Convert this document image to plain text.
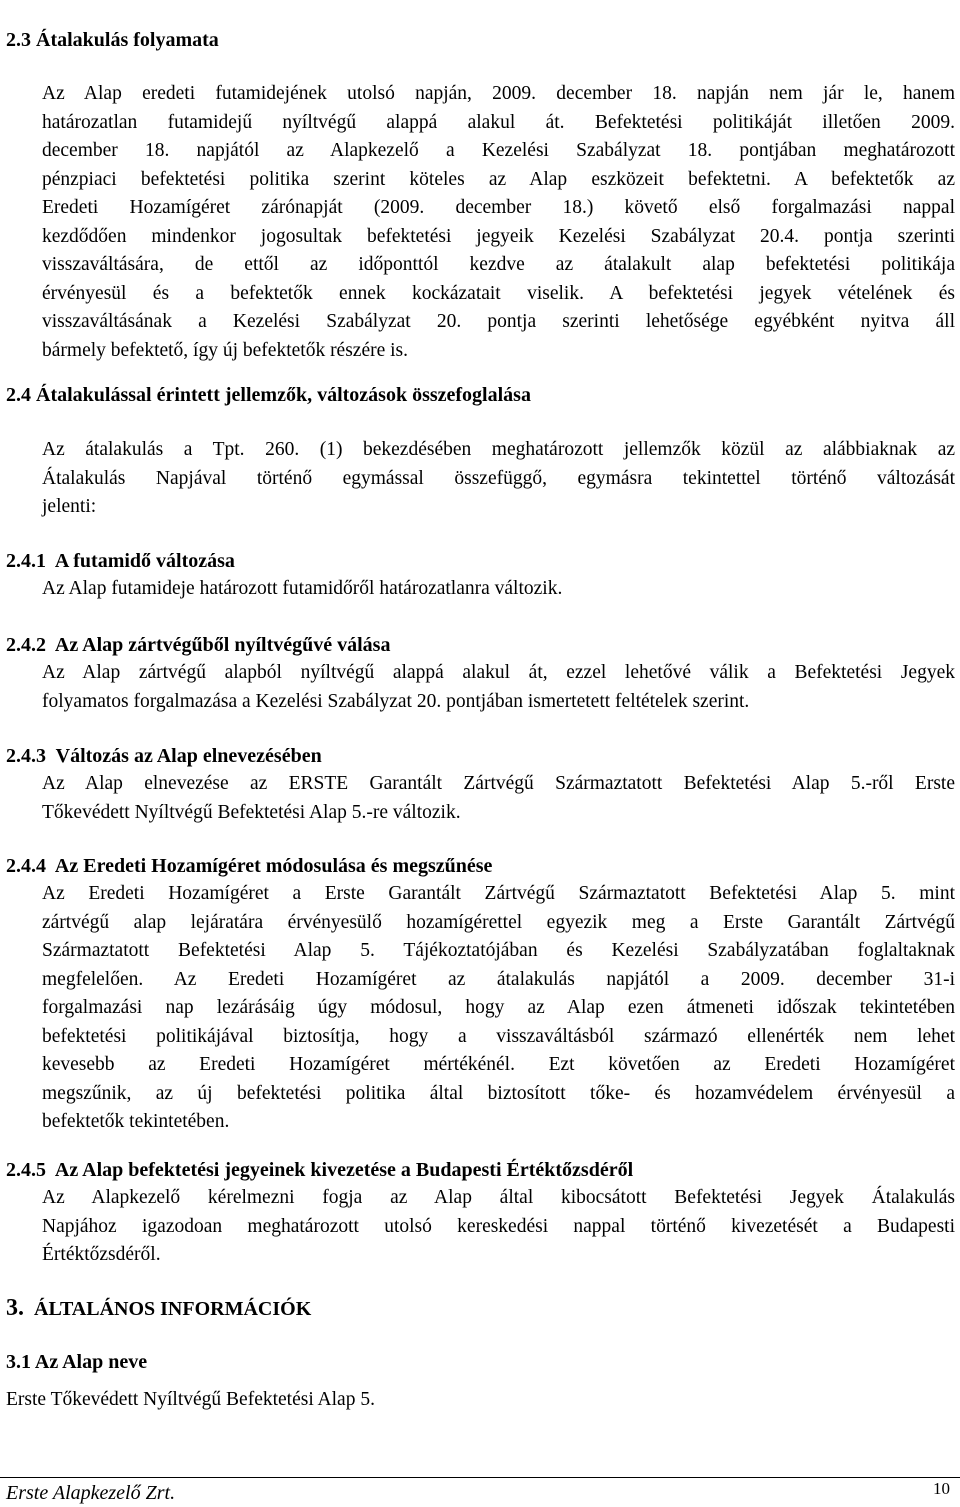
2.3 Átalakulás folyamata
Az Alap eredeti futamidejének utolsó napján, 2009. december 18. napján nem jár le, hanem
határozatlan futamidejű nyíltvégű alappá alakul át. Befektetési politikáját illetően 2009.
december 18. napjától az Alapkezelő a Kezelési Szabályzat 18. pontjában meghatározott
pénzpiaci befektetési politika szerint köteles az Alap eszközeit befektetni. A befektetők az
Eredeti Hozamígéret zárónapját (2009. december 18.) követő első forgalmazási nappal
kezdődően mindenkor jogosultak befektetési jegyeik Kezelési Szabályzat 20.4. pontja szerinti
visszaváltására, de ettől az időponttól kezdve az átalakult alap befektetési politikája
érvényesül és a befektetők ennek kockázatait viselik. A befektetési jegyek vételének és
visszaváltásának a Kezelési Szabályzat 20. pontja szerinti lehetősége egyébként nyitva áll
bármely befektető, így új befektetők részére is.
2.4 Átalakulással érintett jellemzők, változások összefoglalása
Az átalakulás a Tpt. 260. (1) bekezdésében meghatározott jellemzők közül az alábbiaknak az
Átalakulás Napjával történő egymással összefüggő, egymásra tekintettel történő változását
jelenti:
2.4.1 A futamidő változása
Az Alap futamideje határozott futamidőről határozatlanra változik.
2.4.2 Az Alap zártvégűből nyíltvégűvé válása
Az Alap zártvégű alapból nyíltvégű alappá alakul át, ezzel lehetővé válik a Befektetési Jegyek
folyamatos forgalmazása a Kezelési Szabályzat 20. pontjában ismertetett feltételek szerint.
2.4.3 Változás az Alap elnevezésében
Az Alap elnevezése az ERSTE Garantált Zártvégű Származtatott Befektetési Alap 5.-ről Erste
Tőkevédett Nyíltvégű Befektetési Alap 5.-re változik.
2.4.4 Az Eredeti Hozamígéret módosulása és megszűnése
Az Eredeti Hozamígéret a Erste Garantált Zártvégű Származtatott Befektetési Alap 5. mint
zártvégű alap lejáratára érvényesülő hozamígérettel egyezik meg a Erste Garantált Zártvégű
Származtatott Befektetési Alap 5. Tájékoztatójában és Kezelési Szabályzatában foglaltaknak
megfelelően. Az Eredeti Hozamígéret az átalakulás napjától a 2009. december 31-i
forgalmazási nap lezárásáig úgy módosul, hogy az Alap ezen átmeneti időszak tekintetében
befektetési politikájával biztosítja, hogy a visszaváltásból származó ellenérték nem lehet
kevesebb az Eredeti Hozamígéret mértékénél. Ezt követően az Eredeti Hozamígéret
megszűnik, az új befektetési politika által biztosított tőke- és hozamvédelem érvényesül a
befektetők tekintetében.
2.4.5 Az Alap befektetési jegyeinek kivezetése a Budapesti Értéktőzsdéről
Az Alapkezelő kérelmezni fogja az Alap által kibocsátott Befektetési Jegyek Átalakulás
Napjához igazodoan meghatározott utolsó kereskedési nappal történő kivezetését a Budapesti
Értéktőzsdéről.
3. ÁLTALÁNOS INFORMÁCIÓK
3.1 Az Alap neve
Erste Tőkevédett Nyíltvégű Befektetési Alap 5.
Erste Alapkezelő Zrt.	10
